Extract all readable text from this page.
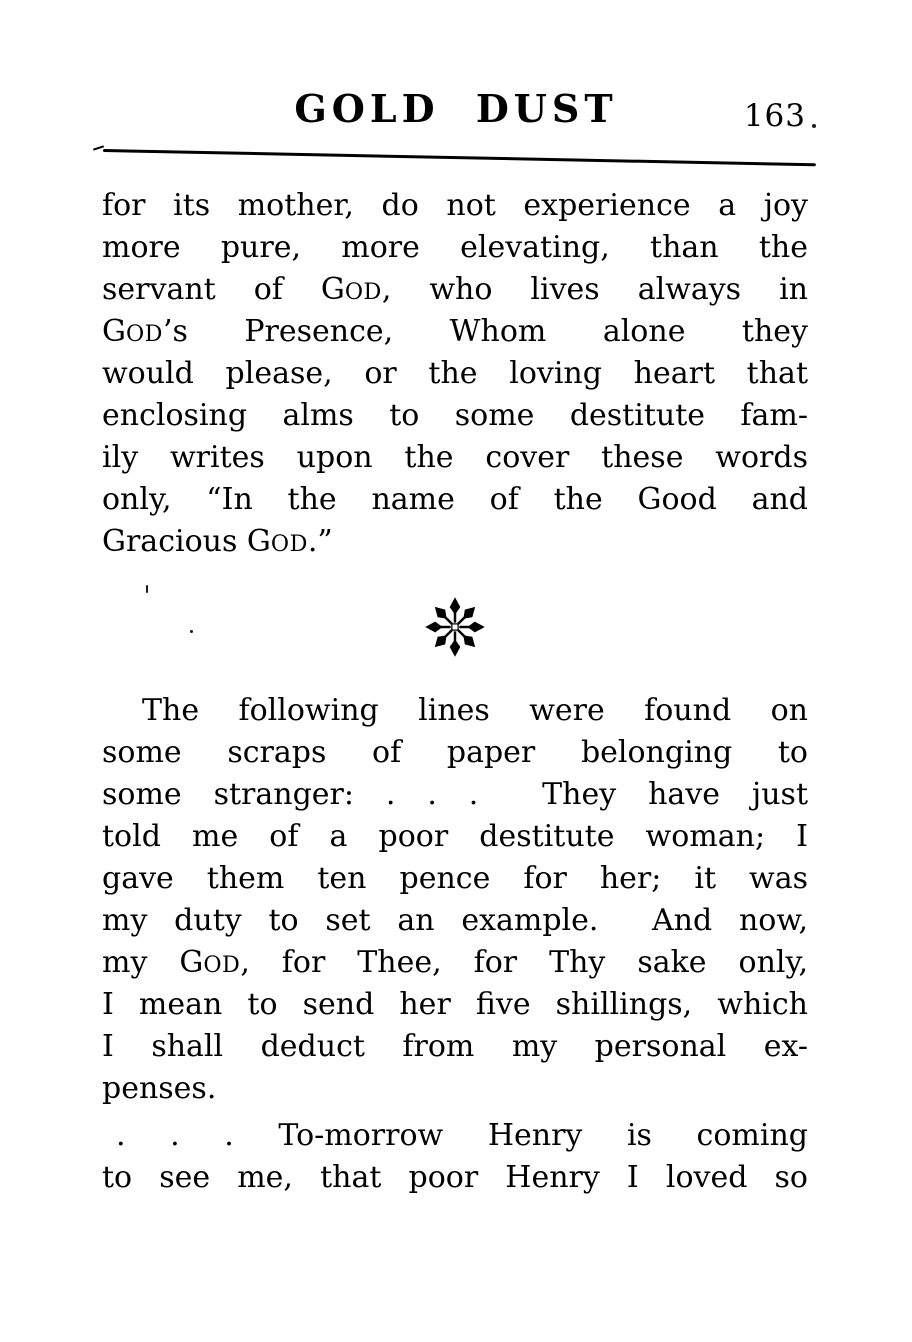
GOLD DUST	163
for its mother, do not experience a joy
more pure, more elevating, than the
servant of GOD, who lives always in
GOD’s Presence, Whom alone they
would please, or the loving heart that
enclosing alms to some destitute fam-
ily writes upon the cover these words
only, “In the name of the Good and
Gracious GOD.”
The following lines were found on
some scraps of paper belonging to
some stranger: . . .  They have just
told me of a poor destitute woman; I
gave them ten pence for her; it was
my duty to set an example.  And now,
my GOD, for Thee, for Thy sake only,
I mean to send her five shillings, which
I shall deduct from my personal ex-
penses.
. . . To-morrow Henry is coming
to see me, that poor Henry I loved so
